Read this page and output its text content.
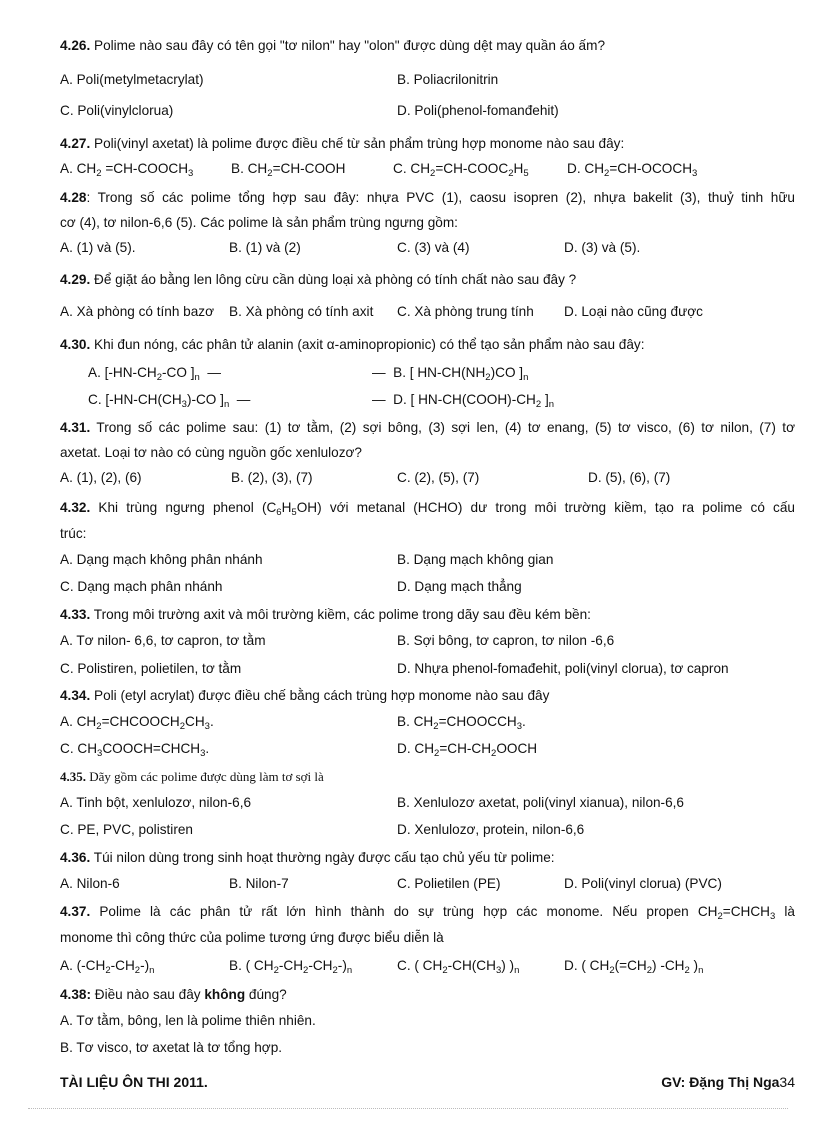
4.26. Polime nào sau đây có tên gọi "tơ nilon" hay "olon" được dùng dệt may quần áo ấm?
A. Poli(metylmetacrylat)	B. Poliacrilonitrin
C. Poli(vinylclorua)	D. Poli(phenol-fomanđehit)
4.27. Poli(vinyl axetat) là polime được điều chế từ sản phẩm trùng hợp monome nào sau đây:
A. $CH_2$ $=CH-COOCH_3$	B. $CH_2=CH$-COOH	C. $CH_2=CH-COOC_2H_5$	D. $CH_2=CH-OCOCH_3$
4.28: Trong số các polime tổng hợp sau đây: nhựa PVC (1), caosu isopren (2), nhựa bakelit (3), thuỷ tinh hữu
cơ (4), tơ nilon-6,6 (5). Các polime là sản phẩm trùng ngưng gồm:
A. (1) và (5).	B. (1) và (2)	C. (3) và (4)	D. (3) và (5).
4.29. Để giặt áo bằng len lông cừu cần dùng loại xà phòng có tính chất nào sau đây ?
A. Xà phòng có tính bazơ B. Xà phòng có tính axit C. Xà phòng trung tính D. Loại nào cũng được
4.30. Khi đun nóng, các phân tử alanin (axit α-aminopropionic) có thể tạo sản phẩm nào sau đây:
A. [$-HN-CH_2-CO$ ]$_n$  —	—  B. [ $HN-CH(NH_2)CO$ ]$_n$
C. [$-HN-CH(CH_3)-CO$ ]$_n$  —	—  D. [ $HN-CH(COOH)-CH_2$ ]$_n$
4.31. Trong số các polime sau: (1) tơ tằm, (2) sợi bông, (3) sợi len, (4) tơ enang, (5) tơ visco, (6) tơ nilon, (7) tơ
axetat. Loại tơ nào có cùng nguồn gốc xenlulozơ?
A. (1), (2), (6)	B. (2), (3), (7)	C. (2), (5), (7)	D. (5), (6), (7)
4.32. Khi trùng ngưng phenol $(C_6H_5OH)$ với metanal (HCHO) dư trong môi trường kiềm, tạo ra polime có cấu
trúc:
A. Dạng mạch không phân nhánh	B. Dạng mạch không gian
C. Dạng mạch phân nhánh	D. Dạng mạch thẳng
4.33. Trong môi trường axit và môi trường kiềm, các polime trong dãy sau đều kém bền:
A. Tơ nilon- 6,6, tơ capron, tơ tằm	B. Sợi bông, tơ capron, tơ nilon -6,6
C. Polistiren, polietilen, tơ tằm	D. Nhựa phenol-fomađehit, poli(vinyl clorua), tơ capron
4.34. Poli (etyl acrylat) được điều chế bằng cách trùng hợp monome nào sau đây
A. $CH_2=CHCOOCH_2CH_3$.	B. $CH_2=CHOOCCH_3$.
C. $CH_3COOCH=CHCH_3$.	D. $CH_2=CH-CH_2OOCH$
4.35. Dãy gồm các polime được dùng làm tơ sợi là
A. Tinh bột, xenlulozơ, nilon-6,6	B. Xenlulozơ axetat, poli(vinyl xianua), nilon-6,6
C. PE, PVC, polistiren	D. Xenlulozơ, protein, nilon-6,6
4.36. Túi nilon dùng trong sinh hoạt thường ngày được cấu tạo chủ yếu từ polime:
A. Nilon-6	B. Nilon-7	C. Polietilen (PE)	D. Poli(vinyl clorua) (PVC)
4.37. Polime là các phân tử rất lớn hình thành do sự trùng hợp các monome. Nếu propen $CH_2=CHCH_3$ là
monome thì công thức của polime tương ứng được biểu diễn là
A. $(-CH_2-CH_2-)_n$	B. ( $CH_2-CH_2-CH_2-)_n$	C. ( $CH_2-CH(CH_3)$ )$_n$	D. ( $CH_2(=CH_2)$ $-CH_2$ )$_n$
4.38: Điều nào sau đây không đúng?
A. Tơ tằm, bông, len là polime thiên nhiên.
B. Tơ visco, tơ axetat là tơ tổng hợp.
TÀI LIỆU ÔN THI 2011.	GV: Đặng Thị Nga34
